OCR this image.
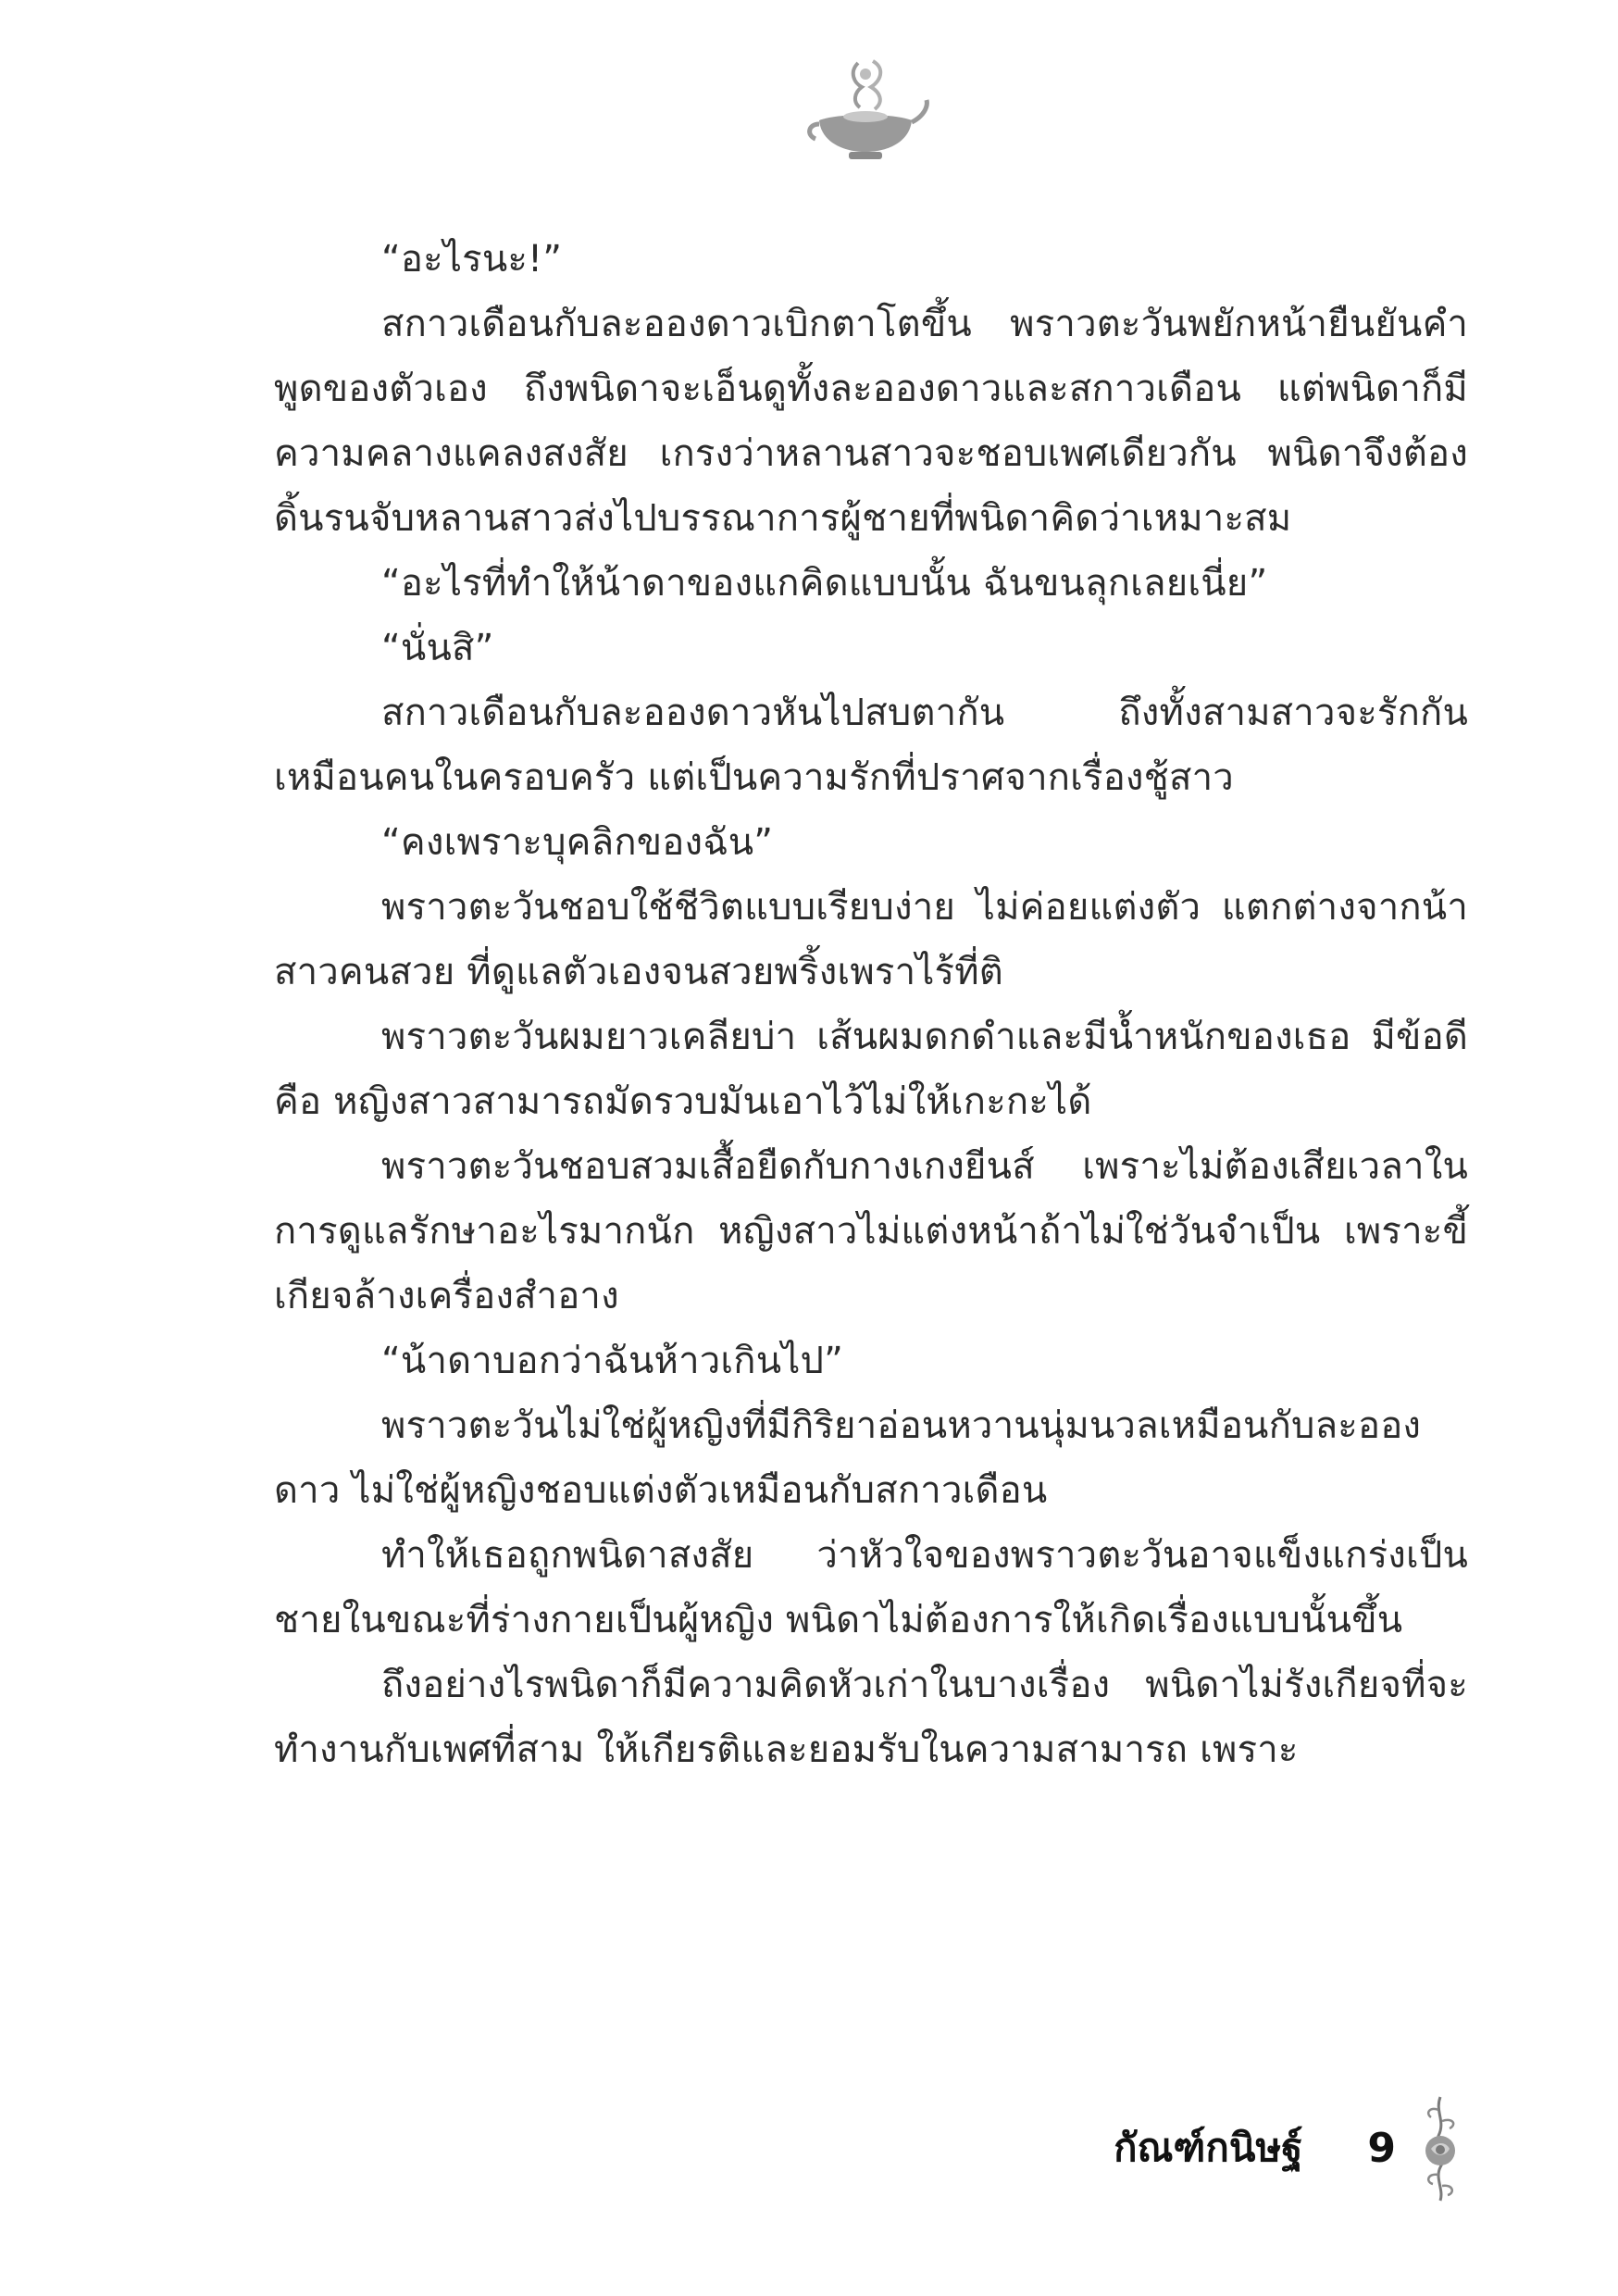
“อะไรนะ!”

สกาวเดือนกับละอองดาวเบิกตาโตขึ้น พราวตะวันพยักหน้ายืนยันคำพูดของตัวเอง ถึงพนิดาจะเอ็นดูทั้งละอองดาวและสกาวเดือน แต่พนิดาก็มีความคลางแคลงสงสัย เกรงว่าหลานสาวจะชอบเพศเดียวกัน พนิดาจึงต้องดิ้นรนจับหลานสาวส่งไปบรรณาการผู้ชายที่พนิดาคิดว่าเหมาะสม

“อะไรที่ทำให้น้าดาของแกคิดแบบนั้น ฉันขนลุกเลยเนี่ย”

“นั่นสิ”

สกาวเดือนกับละอองดาวหันไปสบตากัน ถึงทั้งสามสาวจะรักกันเหมือนคนในครอบครัว แต่เป็นความรักที่ปราศจากเรื่องชู้สาว

“คงเพราะบุคลิกของฉัน”

พราวตะวันชอบใช้ชีวิตแบบเรียบง่าย ไม่ค่อยแต่งตัว แตกต่างจากน้าสาวคนสวย ที่ดูแลตัวเองจนสวยพริ้งเพราไร้ที่ติ

พราวตะวันผมยาวเคลียบ่า เส้นผมดกดำและมีน้ำหนักของเธอ มีข้อดีคือ หญิงสาวสามารถมัดรวบมันเอาไว้ไม่ให้เกะกะได้

พราวตะวันชอบสวมเสื้อยืดกับกางเกงยีนส์ เพราะไม่ต้องเสียเวลาในการดูแลรักษาอะไรมากนัก หญิงสาวไม่แต่งหน้าถ้าไม่ใช่วันจำเป็น เพราะขี้เกียจล้างเครื่องสำอาง

“น้าดาบอกว่าฉันห้าวเกินไป”

พราวตะวันไม่ใช่ผู้หญิงที่มีกิริยาอ่อนหวานนุ่มนวลเหมือนกับละอองดาว ไม่ใช่ผู้หญิงชอบแต่งตัวเหมือนกับสกาวเดือน

ทำให้เธอถูกพนิดาสงสัย ว่าหัวใจของพราวตะวันอาจแข็งแกร่งเป็นชายในขณะที่ร่างกายเป็นผู้หญิง พนิดาไม่ต้องการให้เกิดเรื่องแบบนั้นขึ้น

ถึงอย่างไรพนิดาก็มีความคิดหัวเก่าในบางเรื่อง พนิดาไม่รังเกียจที่จะทำงานกับเพศที่สาม ให้เกียรติและยอมรับในความสามารถ เพราะ

กัณฑ์กนิษฐ์ 9
